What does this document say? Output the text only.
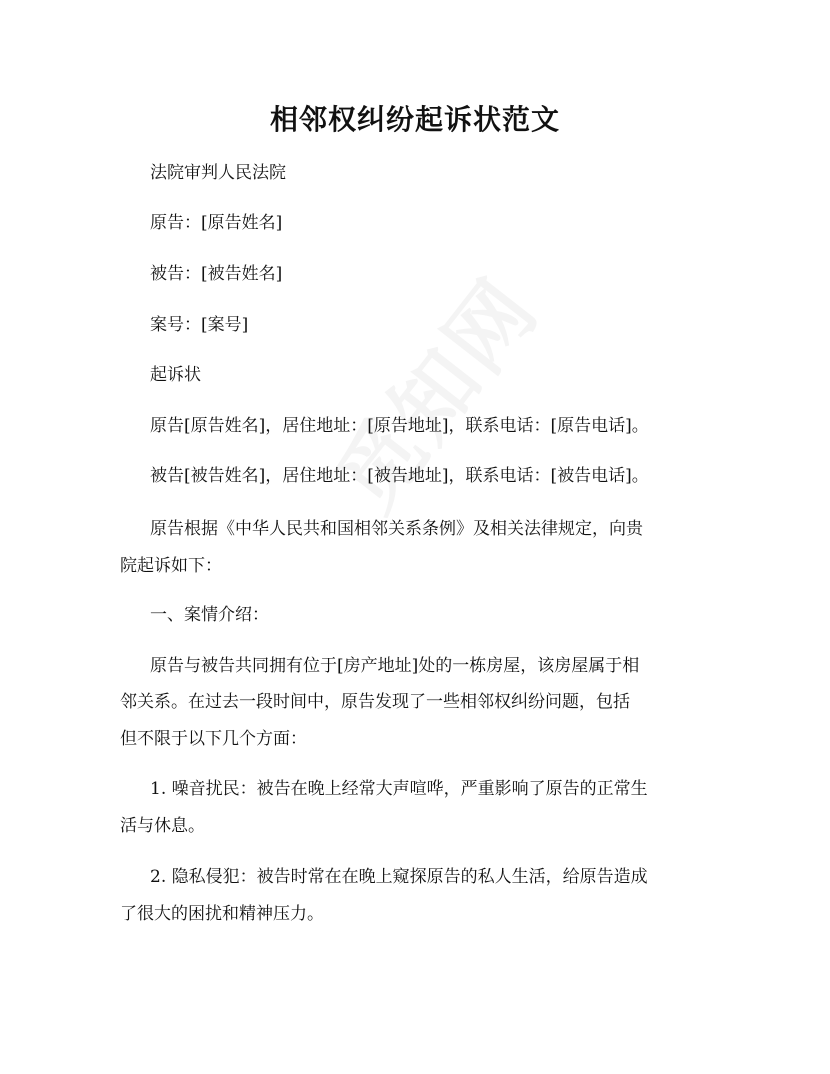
相邻权纠纷起诉状范文
法院审判人民法院
原告：[原告姓名]
被告：[被告姓名]
案号：[案号]
起诉状
原告[原告姓名]，居住地址：[原告地址]，联系电话：[原告电话]。
被告[被告姓名]，居住地址：[被告地址]，联系电话：[被告电话]。
原告根据《中华人民共和国相邻关系条例》及相关法律规定，向贵
院起诉如下：
一、案情介绍：
原告与被告共同拥有位于[房产地址]处的一栋房屋，该房屋属于相
邻关系。在过去一段时间中，原告发现了一些相邻权纠纷问题，包括
但不限于以下几个方面：
1. 噪音扰民：被告在晚上经常大声喧哗，严重影响了原告的正常生
活与休息。
2. 隐私侵犯：被告时常在在晚上窥探原告的私人生活，给原告造成
了很大的困扰和精神压力。
